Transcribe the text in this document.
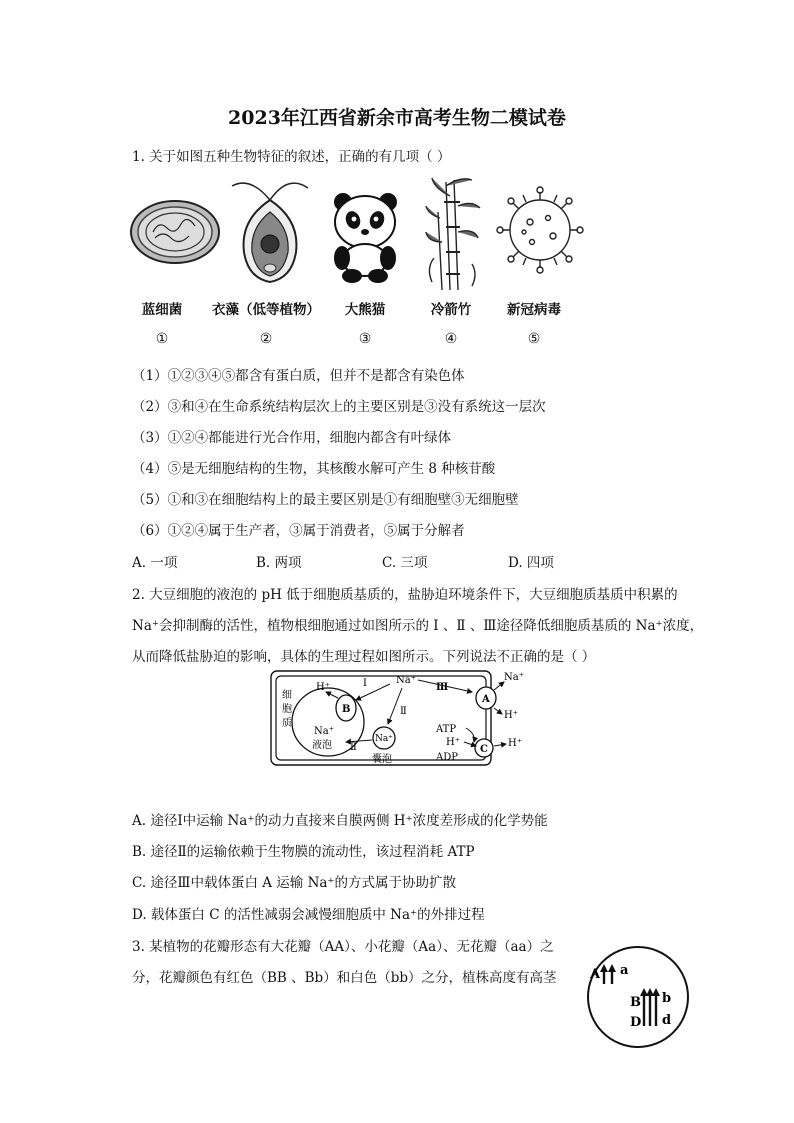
2023年江西省新余市高考生物二模试卷
1. 关于如图五种生物特征的叙述，正确的有几项（ ）
蓝细菌	衣藻（低等植物）	大熊猫	冷箭竹	新冠病毒
①	②	③	④	⑤
（1）①②③④⑤都含有蛋白质，但并不是都含有染色体
（2）③和④在生命系统结构层次上的主要区别是③没有系统这一层次
（3）①②④都能进行光合作用，细胞内都含有叶绿体
（4）⑤是无细胞结构的生物，其核酸水解可产生 8 种核苷酸
（5）①和③在细胞结构上的最主要区别是①有细胞壁③无细胞壁
（6）①②④属于生产者，③属于消费者，⑤属于分解者
A. 一项	B. 两项	C. 三项	D. 四项
2. 大豆细胞的液泡的 pH 低于细胞质基质的，盐胁迫环境条件下，大豆细胞质基质中积累的
Na⁺会抑制酶的活性，植物根细胞通过如图所示的 Ⅰ 、Ⅱ 、Ⅲ途径降低细胞质基质的 Na⁺浓度，
从而降低盐胁迫的影响，具体的生理过程如图所示。下列说法不正确的是（ ）
细
胞
质
H⁺
B
Na⁺
液泡
Na⁺
Ⅰ
Ⅱ
Ⅱ
Ⅲ
Na⁺
囊泡
A
Na⁺
H⁺
ATP
H⁺
ADP
C
H⁺
A. 途径Ⅰ中运输 Na⁺的动力直接来自膜两侧 H⁺浓度差形成的化学势能
B. 途径Ⅱ的运输依赖于生物膜的流动性，该过程消耗 ATP
C. 途径Ⅲ中载体蛋白 A 运输 Na⁺的方式属于协助扩散
D. 载体蛋白 C 的活性减弱会减慢细胞质中 Na⁺的外排过程
3. 某植物的花瓣形态有大花瓣（AA）、小花瓣（Aa）、无花瓣（aa）之
分，花瓣颜色有红色（BB 、Bb）和白色（bb）之分，植株高度有高茎	A a
B b
D d
